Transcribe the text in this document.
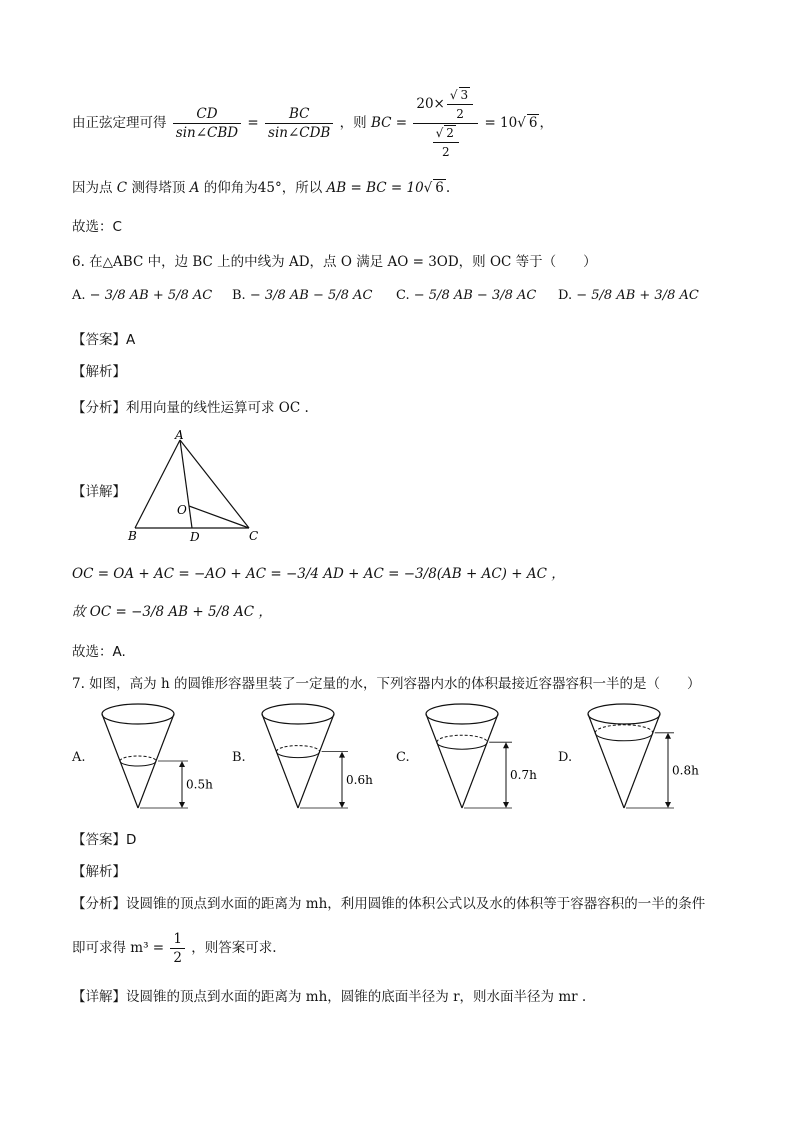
由正弦定理可得 $\frac{CD}{\text{sin∠CBD}} = \frac{BC}{\text{sin∠CDB}}$ ，则 BC = $\frac{20\times \frac{√ 3}{2}}{\frac{√ 2}{2}} = 10√$ 6 ，
因为点 C 测得塔顶 A 的仰角为45°，所以 AB = BC = 10√ 6 .
故选：C
6. 在△ABC 中，边 BC 上的中线为 AD，点 O 满足 AO = 3OD，则 OC 等于（　　）
A. − 3/8 AB + 5/8 AC B. − 3/8 AB − 5/8 AC C. − 5/8 AB − 3/8 AC D. − 5/8 AB + 3/8 AC
【答案】A
【解析】
【分析】利用向量的线性运算可求 OC .
【详解】
A
B	C
D
O
OC = OA + AC = −AO + AC = −3/4 AD + AC = −3/8(AB + AC) + AC ，
故 OC = −3/8 AB + 5/8 AC ，
故选：A.
7. 如图，高为 h 的圆锥形容器里装了一定量的水，下列容器内水的体积最接近容器容积一半的是（　　）
A.
0.5h
B.
0.6h
C.
0.7h
D.
0.8h
【答案】D
【解析】
【分析】设圆锥的顶点到水面的距离为 mh，利用圆锥的体积公式以及水的体积等于容器容积的一半的条件
即可求得 $m^3 = \frac{1}{2}$ ，则答案可求.
【详解】设圆锥的顶点到水面的距离为 mh，圆锥的底面半径为 r，则水面半径为 mr .
